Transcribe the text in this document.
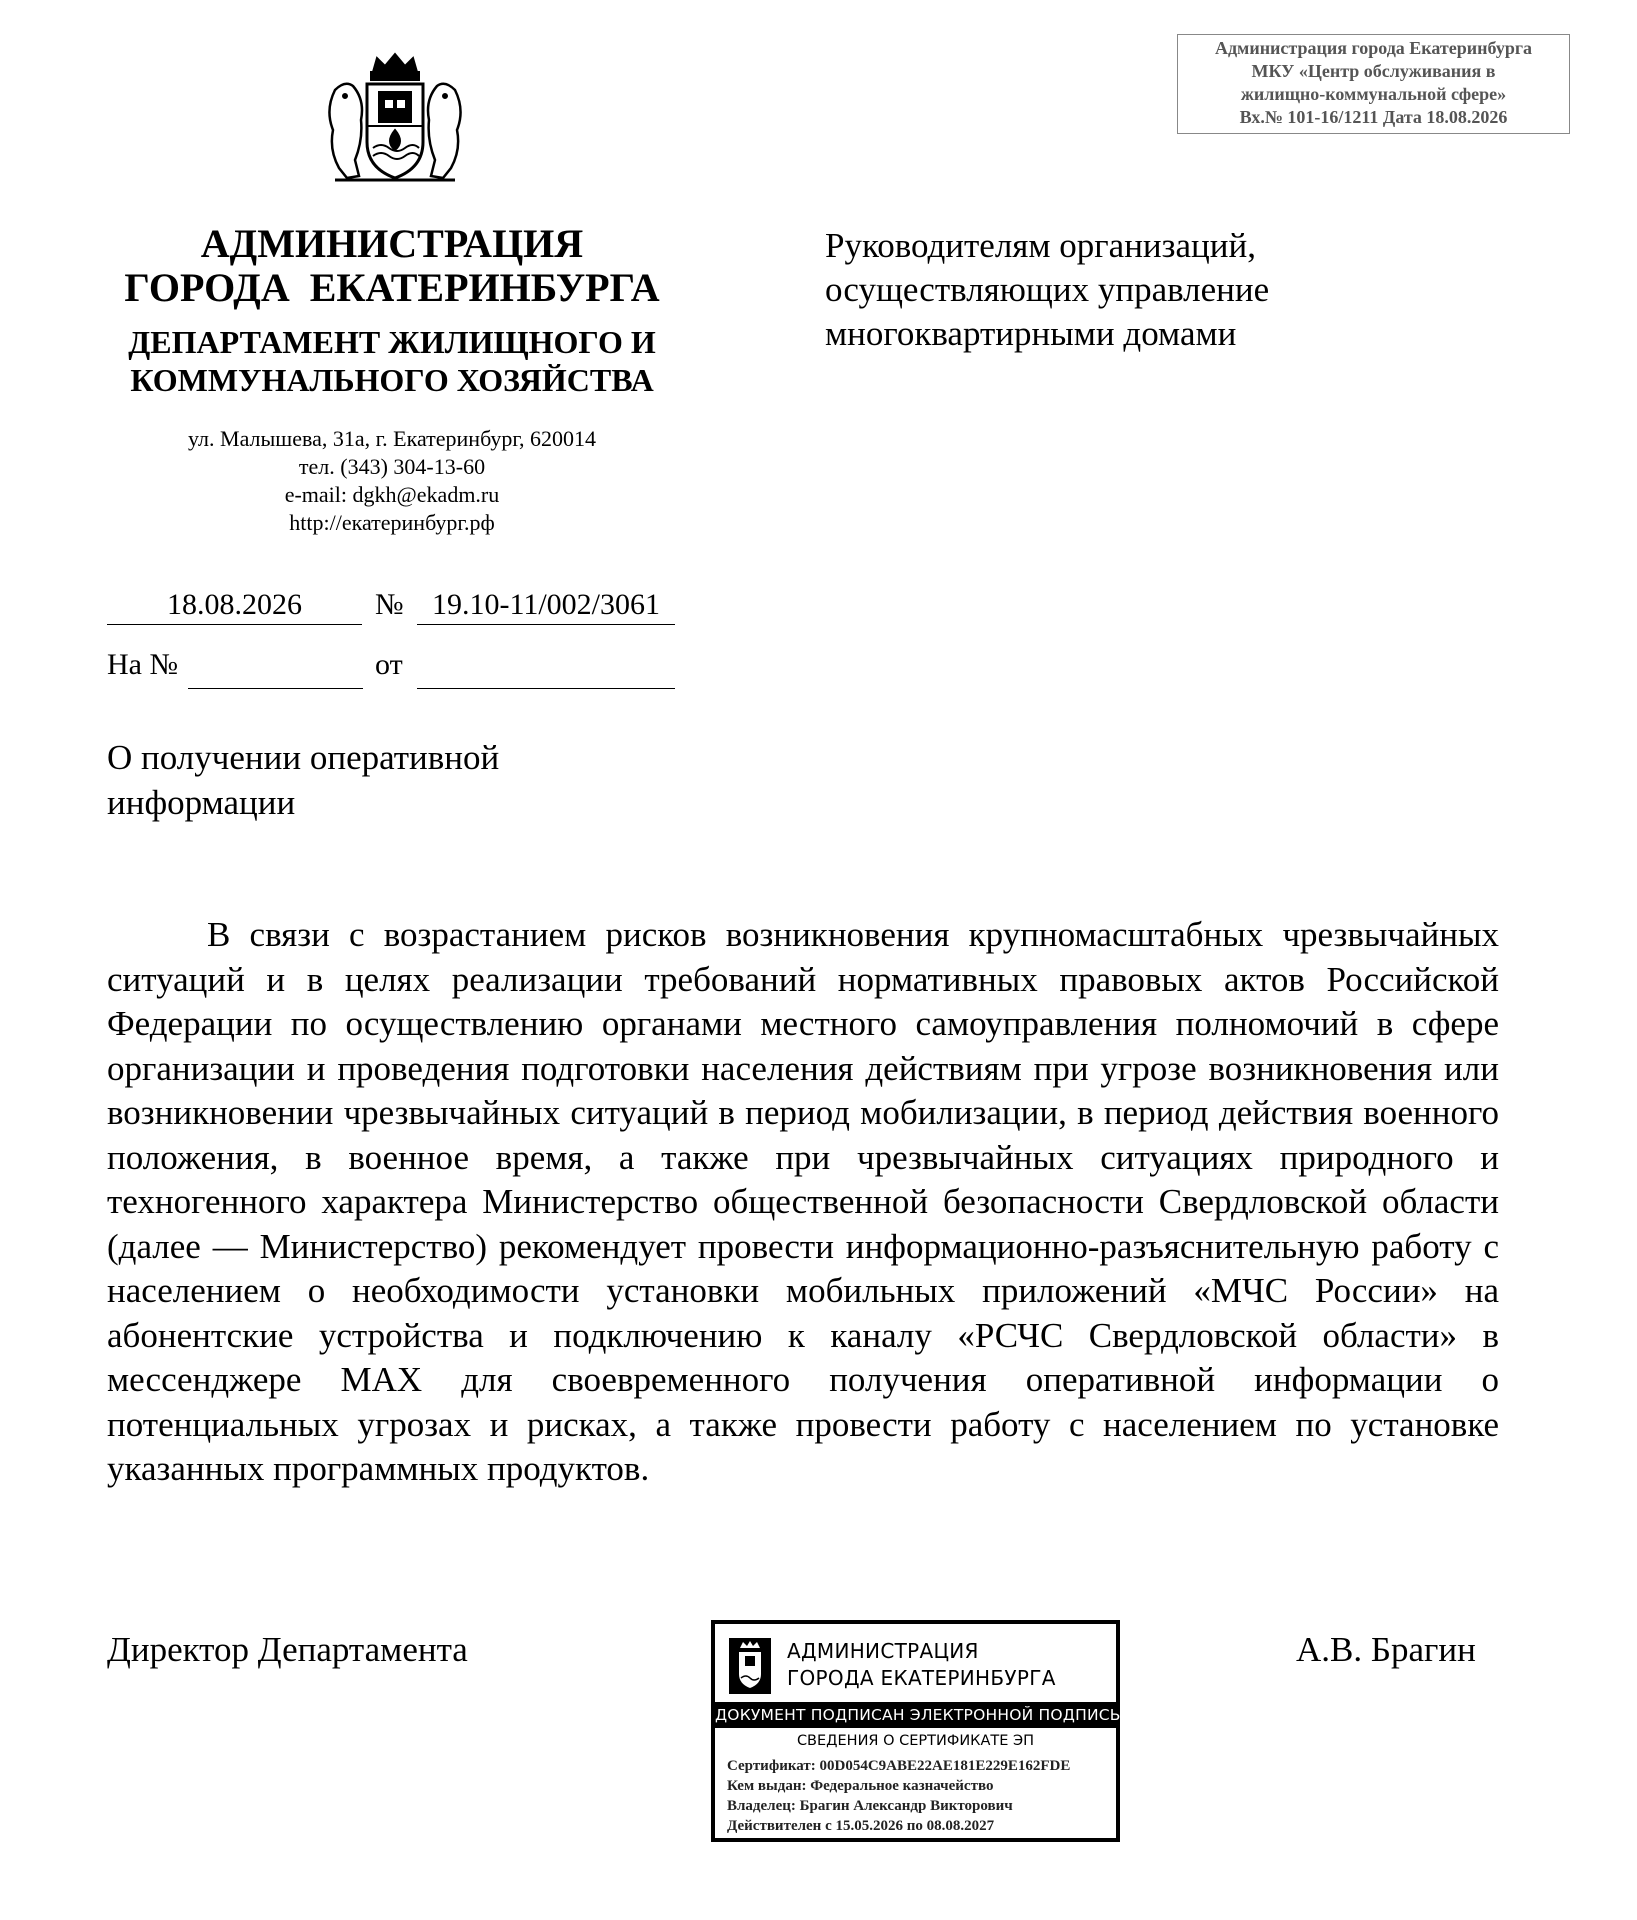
Администрация города Екатеринбурга
МКУ «Центр обслуживания в
жилищно-коммунальной сфере»
Вх.№ 101-16/1211 Дата 18.08.2026
АДМИНИСТРАЦИЯ
ГОРОДА  ЕКАТЕРИНБУРГА
ДЕПАРТАМЕНТ ЖИЛИЩНОГО И
КОММУНАЛЬНОГО ХОЗЯЙСТВА
ул. Малышева, 31а, г. Екатеринбург, 620014
тел. (343) 304-13-60
e-mail: dgkh@ekadm.ru
http://екатеринбург.рф
Руководителям организаций,
осуществляющих управление
многоквартирными домами
18.08.2026	№ 19.10-11/002/3061
На №	от
О получении оперативной
информации
В связи с возрастанием рисков возникновения крупномасштабных чрезвычайных ситуаций и в целях реализации требований нормативных правовых актов Российской Федерации по осуществлению органами местного самоуправления полномочий в сфере организации и проведения подготовки населения действиям при угрозе возникновения или возникновении чрезвычайных ситуаций в период мобилизации, в период действия военного положения, в военное время, а также при чрезвычайных ситуациях природного и техногенного характера Министерство общественной безопасности Свердловской области (далее — Министерство) рекомендует провести информационно-разъяснительную работу с населением о необходимости установки мобильных приложений «МЧС России» на абонентские устройства и подключению к каналу «РСЧС Свердловской области» в мессенджере MAX для своевременного получения оперативной информации о потенциальных угрозах и рисках, а также провести работу с населением по установке указанных программных продуктов.
Директор Департамента	А.В. Брагин
АДМИНИСТРАЦИЯ
ГОРОДА ЕКАТЕРИНБУРГА
ДОКУМЕНТ ПОДПИСАН ЭЛЕКТРОННОЙ ПОДПИСЬЮ
СВЕДЕНИЯ О СЕРТИФИКАТЕ ЭП
Сертификат: 00D054C9ABE22AE181E229E162FDE
Кем выдан: Федеральное казначейство
Владелец: Брагин Александр Викторович
Действителен с 15.05.2026 по 08.08.2027
